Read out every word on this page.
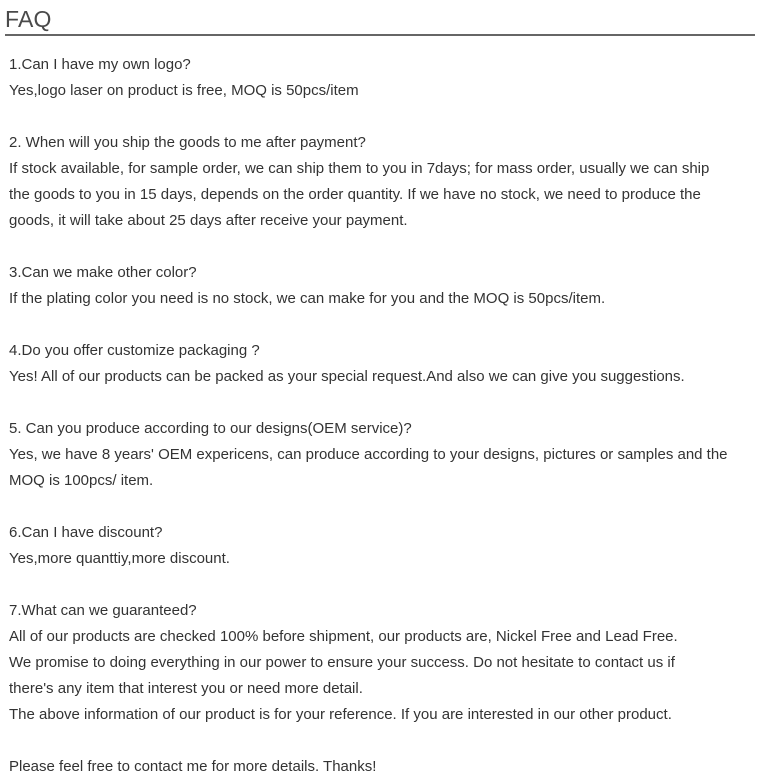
FAQ

1.Can I have my own logo?

Yes,logo laser on product is free, MOQ is 50pcs/item

2. When will you ship the goods to me after payment?

If stock available, for sample order, we can ship them to you in 7days; for mass order, usually we can ship

the goods to you in 15 days, depends on the order quantity. If we have no stock, we need to produce the

goods, it will take about 25 days after receive your payment.

3.Can we make other color?

If the plating color you need is no stock, we can make for you and the MOQ is 50pcs/item.

4.Do you offer customize packaging ?

Yes! All of our products can be packed as your special request.And also we can give you suggestions.

5. Can you produce according to our designs(OEM service)?

Yes, we have 8 years' OEM expericens, can produce according to your designs, pictures or samples and the

MOQ is 100pcs/ item.

6.Can I have discount?

Yes,more quanttiy,more discount.

7.What can we guaranteed?

All of our products are checked 100% before shipment, our products are, Nickel Free and Lead Free.

We promise to doing everything in our power to ensure your success. Do not hesitate to contact us if

there's any item that interest you or need more detail.

The above information of our product is for your reference. If you are interested in our other product.

Please feel free to contact me for more details. Thanks!
